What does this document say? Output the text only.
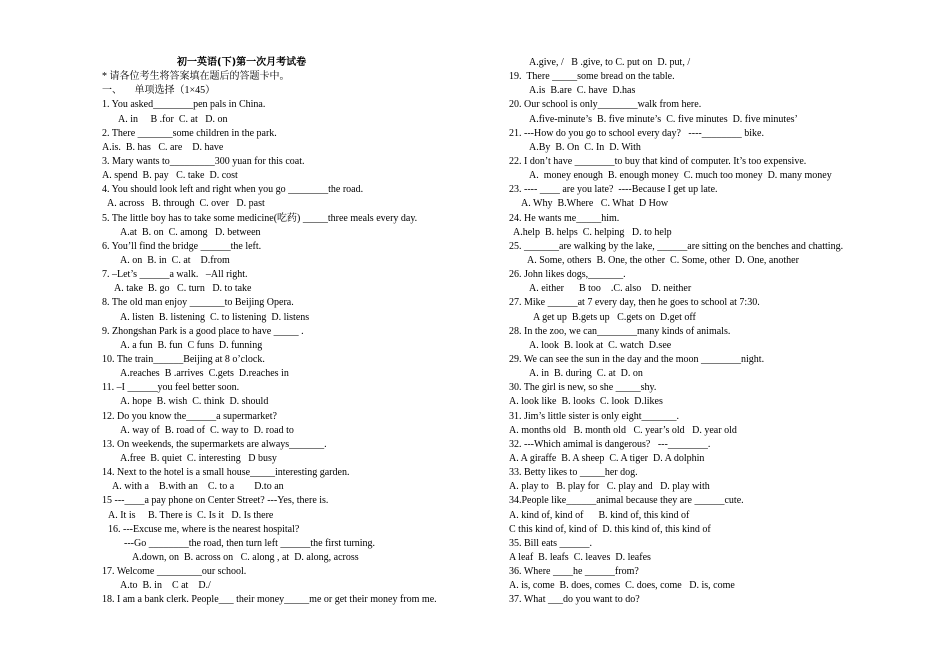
初一英语(下)第一次月考试卷
* 请各位考生将答案填在题后的答题卡中。
一、     单项选择（1×45）
1. You asked________pen pals in China.
A. in     B .for  C. at   D. on
2. There _______some children in the park.
A.is.  B. has   C. are    D. have
3. Mary wants to_________300 yuan for this coat.
A. spend  B. pay   C. take  D. cost
4. You should look left and right when you go ________the road.
A. across   B. through  C. over   D. past
5. The little boy has to take some medicine(吃药) _____three meals every day.
A.at  B. on  C. among   D. between
6. You’ll find the bridge ______the left.
A. on  B. in  C. at    D.from
7. –Let’s ______a walk.   –All right.
A. take  B. go   C. turn   D. to take
8. The old man enjoy _______to Beijing Opera.
A. listen  B. listening  C. to listening  D. listens
9. Zhongshan Park is a good place to have _____ .
A. a fun  B. fun  C funs  D. funning
10. The train______Beijing at 8 o’clock.
A.reaches  B .arrives  C.gets  D.reaches in
11. –I ______you feel better soon.
A. hope  B. wish  C. think  D. should
12. Do you know the______a supermarket?
A. way of  B. road of  C. way to  D. road to
13. On weekends, the supermarkets are always_______.
A.free  B. quiet  C. interesting   D busy
14. Next to the hotel is a small house_____interesting garden.
A. with a    B.with an    C. to a        D.to an
15 ---____a pay phone on Center Street? ---Yes, there is.
A. It is     B. There is  C. Is it   D. Is there
16. ---Excuse me, where is the nearest hospital?
---Go ________the road, then turn left ______the first turning.
A.down, on  B. across on   C. along , at  D. along, across
17. Welcome _________our school.
A.to  B. in    C at    D./
18. I am a bank clerk. People___ their money_____me or get their money from me.
A.give, /   B .give, to C. put on  D. put, /
19.  There _____some bread on the table.
A.is  B.are  C. have  D.has
20. Our school is only________walk from here.
A.five-minute’s  B. five minute’s  C. five minutes  D. five minutes’
21. ---How do you go to school every day?   ----________ bike.
A.By  B. On  C. In  D. With
22. I don’t have ________to buy that kind of computer. It’s too expensive.
A.  money enough  B. enough money  C. much too money  D. many money
23. ---- ____ are you late?  ----Because I get up late.
A. Why  B.Where   C. What  D How
24. He wants me_____him.
A.help  B. helps  C. helping   D. to help
25. _______are walking by the lake, ______are sitting on the benches and chatting.
A. Some, others  B. One, the other  C. Some, other  D. One, another
26. John likes dogs,_______.
A. either      B too    .C. also    D. neither
27. Mike ______at 7 every day, then he goes to school at 7:30.
A get up  B.gets up   C.gets on  D.get off
28. In the zoo, we can________many kinds of animals.
A. look  B. look at  C. watch  D.see
29. We can see the sun in the day and the moon ________night.
A. in  B. during  C. at  D. on
30. The girl is new, so she _____shy.
A. look like  B. looks  C. look  D.likes
31. Jim’s little sister is only eight_______.
A. months old   B. month old   C. year’s old   D. year old
32. ---Which amimal is dangerous?   ---________.
A. A giraffe  B. A sheep  C. A tiger  D. A dolphin
33. Betty likes to _____her dog.
A. play to   B. play for   C. play and   D. play with
34.People like______animal because they are ______cute.
A. kind of, kind of      B. kind of, this kind of
C this kind of, kind of  D. this kind of, this kind of
35. Bill eats ______.
A leaf  B. leafs  C. leaves  D. leafes
36. Where ____he ______from?
A. is, come  B. does, comes  C. does, come   D. is, come
37. What ___do you want to do?
